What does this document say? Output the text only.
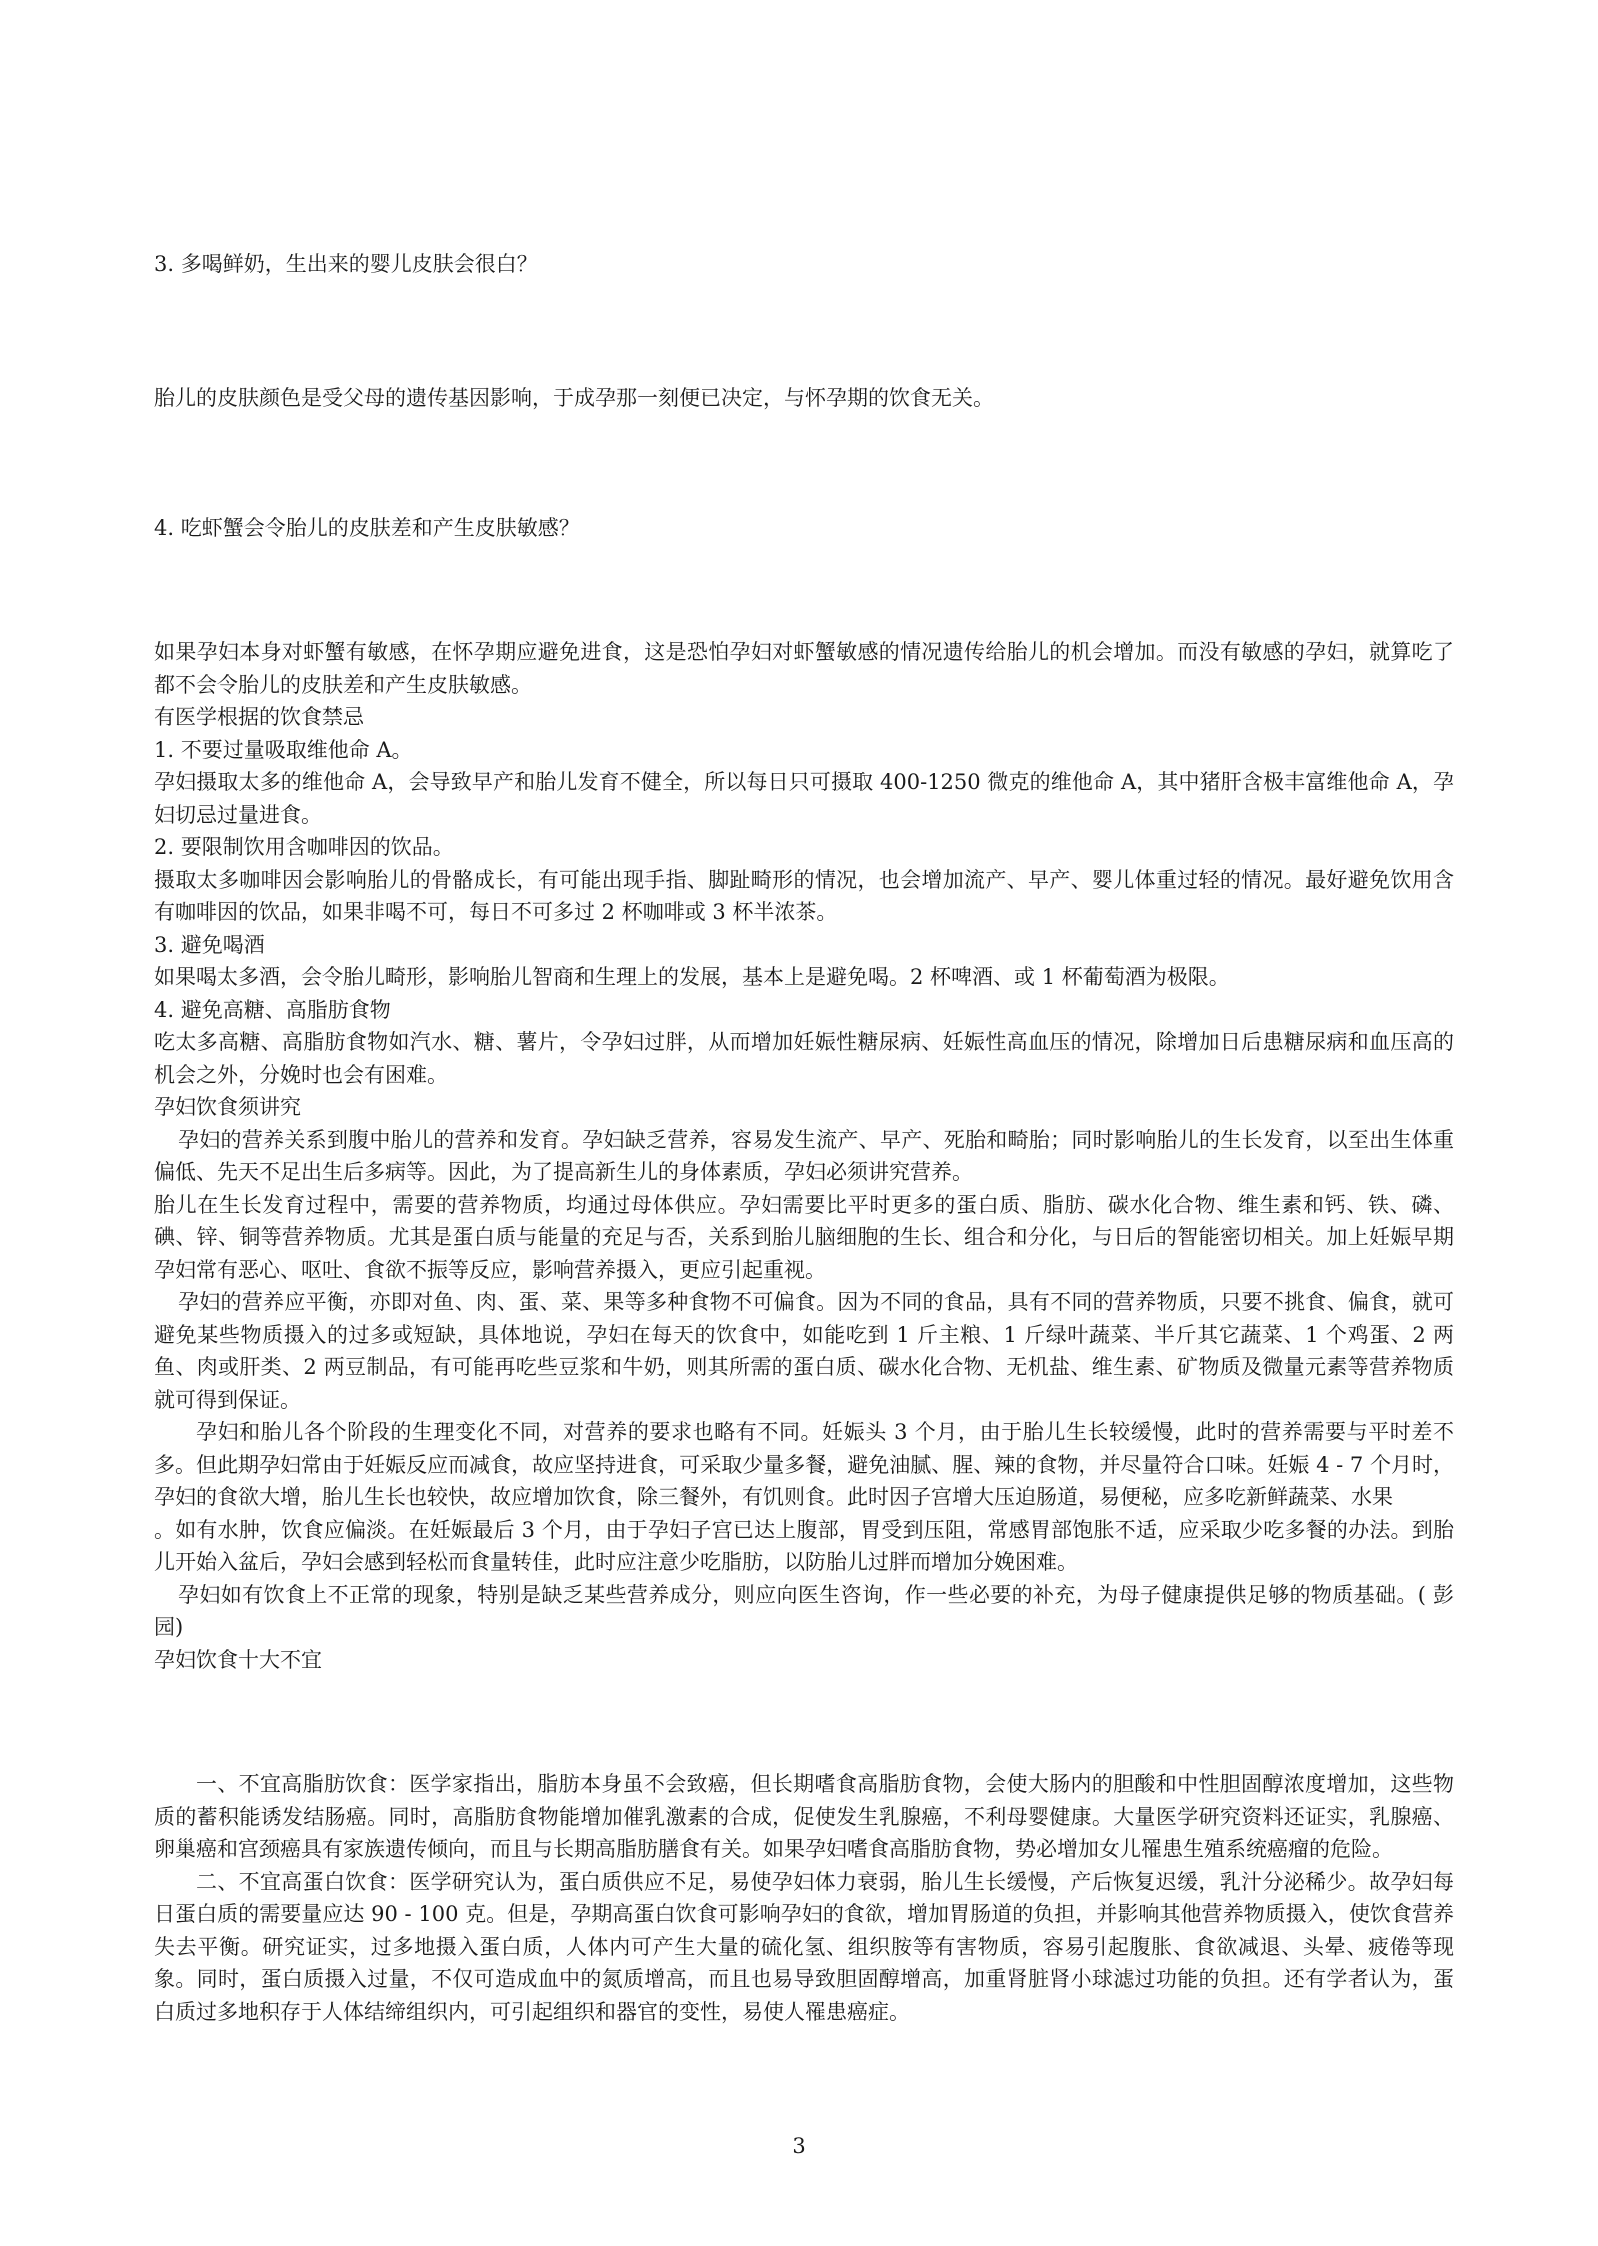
3. 多喝鲜奶，生出来的婴儿皮肤会很白？
胎儿的皮肤颜色是受父母的遗传基因影响，于成孕那一刻便已决定，与怀孕期的饮食无关。
4. 吃虾蟹会令胎儿的皮肤差和产生皮肤敏感？

如果孕妇本身对虾蟹有敏感，在怀孕期应避免进食，这是恐怕孕妇对虾蟹敏感的情况遗传给胎儿的机会增加。而没有敏感的孕妇，就算吃了都不会令胎儿的皮肤差和产生皮肤敏感。

有医学根据的饮食禁忌

1. 不要过量吸取维他命 A。

孕妇摄取太多的维他命 A，会导致早产和胎儿发育不健全，所以每日只可摄取 400-1250 微克的维他命 A，其中猪肝含极丰富维他命 A，孕妇切忌过量进食。

2. 要限制饮用含咖啡因的饮品。

摄取太多咖啡因会影响胎儿的骨骼成长，有可能出现手指、脚趾畸形的情况，也会增加流产、早产、婴儿体重过轻的情况。最好避免饮用含有咖啡因的饮品，如果非喝不可，每日不可多过 2 杯咖啡或 3 杯半浓茶。

3. 避免喝酒

如果喝太多酒，会令胎儿畸形，影响胎儿智商和生理上的发展，基本上是避免喝。2 杯啤酒、或 1 杯葡萄酒为极限。

4. 避免高糖、高脂肪食物

吃太多高糖、高脂肪食物如汽水、糖、薯片，令孕妇过胖，从而增加妊娠性糖尿病、妊娠性高血压的情况，除增加日后患糖尿病和血压高的机会之外，分娩时也会有困难。

孕妇饮食须讲究

孕妇的营养关系到腹中胎儿的营养和发育。孕妇缺乏营养，容易发生流产、早产、死胎和畸胎；同时影响胎儿的生长发育，以至出生体重偏低、先天不足出生后多病等。因此，为了提高新生儿的身体素质，孕妇必须讲究营养。

胎儿在生长发育过程中，需要的营养物质，均通过母体供应。孕妇需要比平时更多的蛋白质、脂肪、碳水化合物、维生素和钙、铁、磷、碘、锌、铜等营养物质。尤其是蛋白质与能量的充足与否，关系到胎儿脑细胞的生长、组合和分化，与日后的智能密切相关。加上妊娠早期孕妇常有恶心、呕吐、食欲不振等反应，影响营养摄入，更应引起重视。

孕妇的营养应平衡，亦即对鱼、肉、蛋、菜、果等多种食物不可偏食。因为不同的食品，具有不同的营养物质，只要不挑食、偏食，就可避免某些物质摄入的过多或短缺，具体地说，孕妇在每天的饮食中，如能吃到 1 斤主粮、1 斤绿叶蔬菜、半斤其它蔬菜、1 个鸡蛋、2 两鱼、肉或肝类、2 两豆制品，有可能再吃些豆浆和牛奶，则其所需的蛋白质、碳水化合物、无机盐、维生素、矿物质及微量元素等营养物质就可得到保证。

孕妇和胎儿各个阶段的生理变化不同，对营养的要求也略有不同。妊娠头 3 个月，由于胎儿生长较缓慢，此时的营养需要与平时差不多。但此期孕妇常由于妊娠反应而减食，故应坚持进食，可采取少量多餐，避免油腻、腥、辣的食物，并尽量符合口味。妊娠 4 - 7 个月时，孕妇的食欲大增，胎儿生长也较快，故应增加饮食，除三餐外，有饥则食。此时因子宫增大压迫肠道，易便秘，应多吃新鲜蔬菜、水果

。如有水肿，饮食应偏淡。在妊娠最后 3 个月，由于孕妇子宫已达上腹部，胃受到压阻，常感胃部饱胀不适，应采取少吃多餐的办法。到胎儿开始入盆后，孕妇会感到轻松而食量转佳，此时应注意少吃脂肪，以防胎儿过胖而增加分娩困难。

孕妇如有饮食上不正常的现象，特别是缺乏某些营养成分，则应向医生咨询，作一些必要的补充，为母子健康提供足够的物质基础。( 彭园)

孕妇饮食十大不宜

一、不宜高脂肪饮食：医学家指出，脂肪本身虽不会致癌，但长期嗜食高脂肪食物，会使大肠内的胆酸和中性胆固醇浓度增加，这些物质的蓄积能诱发结肠癌。同时，高脂肪食物能增加催乳激素的合成，促使发生乳腺癌，不利母婴健康。大量医学研究资料还证实，乳腺癌、卵巢癌和宫颈癌具有家族遗传倾向，而且与长期高脂肪膳食有关。如果孕妇嗜食高脂肪食物，势必增加女儿罹患生殖系统癌瘤的危险。

二、不宜高蛋白饮食：医学研究认为，蛋白质供应不足，易使孕妇体力衰弱，胎儿生长缓慢，产后恢复迟缓，乳汁分泌稀少。故孕妇每日蛋白质的需要量应达 90 - 100 克。但是，孕期高蛋白饮食可影响孕妇的食欲，增加胃肠道的负担，并影响其他营养物质摄入，使饮食营养失去平衡。研究证实，过多地摄入蛋白质，人体内可产生大量的硫化氢、组织胺等有害物质，容易引起腹胀、食欲减退、头晕、疲倦等现象。同时，蛋白质摄入过量，不仅可造成血中的氮质增高，而且也易导致胆固醇增高，加重肾脏肾小球滤过功能的负担。还有学者认为，蛋白质过多地积存于人体结缔组织内，可引起组织和器官的变性，易使人罹患癌症。

3
